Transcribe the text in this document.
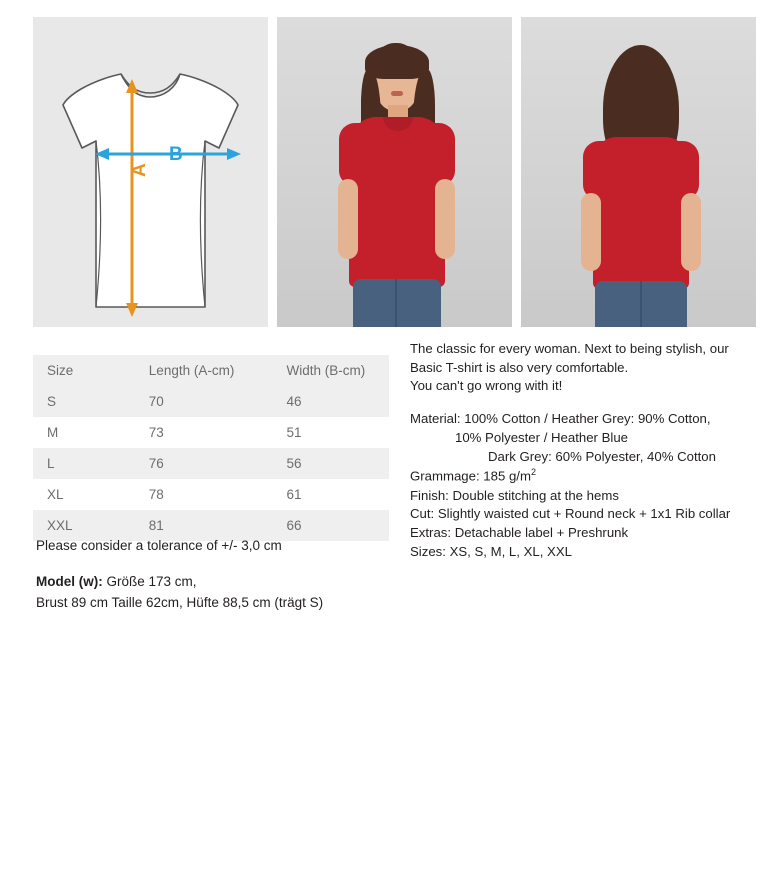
B
A
Size	Length (A-cm)	Width (B-cm)
S	70	46
M	73	51
L	76	56
XL	78	61
XXL	81	66
Please consider a tolerance of +/- 3,0 cm
Model (w): Größe 173 cm,
Brust 89 cm Taille 62cm, Hüfte 88,5 cm (trägt S)
The classic for every woman. Next to being stylish, our
Basic T-shirt is also very comfortable.
You can't go wrong with it!
Material: 100% Cotton / Heather Grey: 90% Cotton,
10% Polyester / Heather Blue
Dark Grey: 60% Polyester, 40% Cotton
Grammage: 185 $g/m^2$
Finish: Double stitching at the hems
Cut: Slightly waisted cut + Round neck + 1x1 Rib collar
Extras: Detachable label + Preshrunk
Sizes: XS, S, M, L, XL, XXL
